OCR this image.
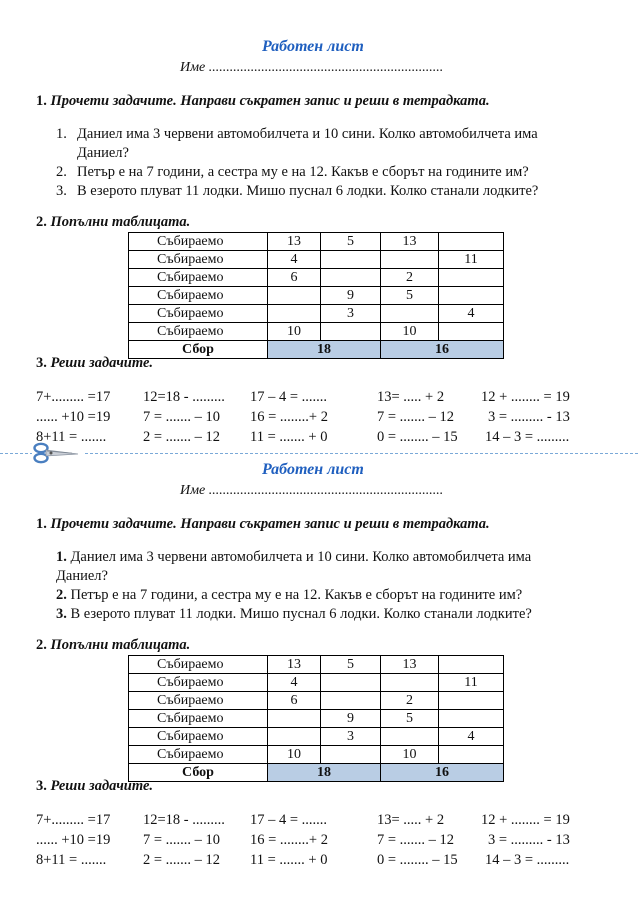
Работен лист
Име ...................................................................
1. Прочети задачите. Направи съкратен запис и реши в тетрадката.
1. Даниел има 3 червени автомобилчета и 10 сини. Колко автомобилчета има
Даниел?
2. Петър е на 7 години, а сестра му е на 12. Какъв е сборът на годините им?
3. В езерото плуват 11 лодки. Мишо пуснал 6 лодки. Колко станали лодките?
2. Попълни таблицата.
Събираемо	13	5	13	
Събираемо	4			11
Събираемо	6		2	
Събираемо		9	5	
Събираемо		3		4
Събираемо	10		10	
Сбор	18		16	
3. Реши задачите.
7+......... =17 12=18 - ......... 17 – 4 = .......	13= ..... + 2	12 + ........ = 19
...... +10 =19 7 = ....... – 10 16 = ........+ 2	7 = ....... – 12 3 = ......... - 13
8+11 = .......	2 = ....... – 12 11 = ....... + 0	0 = ........ – 15 14 – 3 = .........
Работен лист
Име ...................................................................
1. Прочети задачите. Направи съкратен запис и реши в тетрадката.
1. Даниел има 3 червени автомобилчета и 10 сини. Колко автомобилчета има
Даниел?
2. Петър е на 7 години, а сестра му е на 12. Какъв е сборът на годините им?
3. В езерото плуват 11 лодки. Мишо пуснал 6 лодки. Колко станали лодките?
2. Попълни таблицата.
Събираемо	13	5	13	
Събираемо	4			11
Събираемо	6		2	
Събираемо		9	5	
Събираемо		3		4
Събираемо	10		10	
Сбор	18		16	
3. Реши задачите.
7+......... =17 12=18 - ......... 17 – 4 = .......	13= ..... + 2	12 + ........ = 19
...... +10 =19 7 = ....... – 10 16 = ........+ 2	7 = ....... – 12 3 = ......... - 13
8+11 = .......	2 = ....... – 12 11 = ....... + 0	0 = ........ – 15 14 – 3 = .........
